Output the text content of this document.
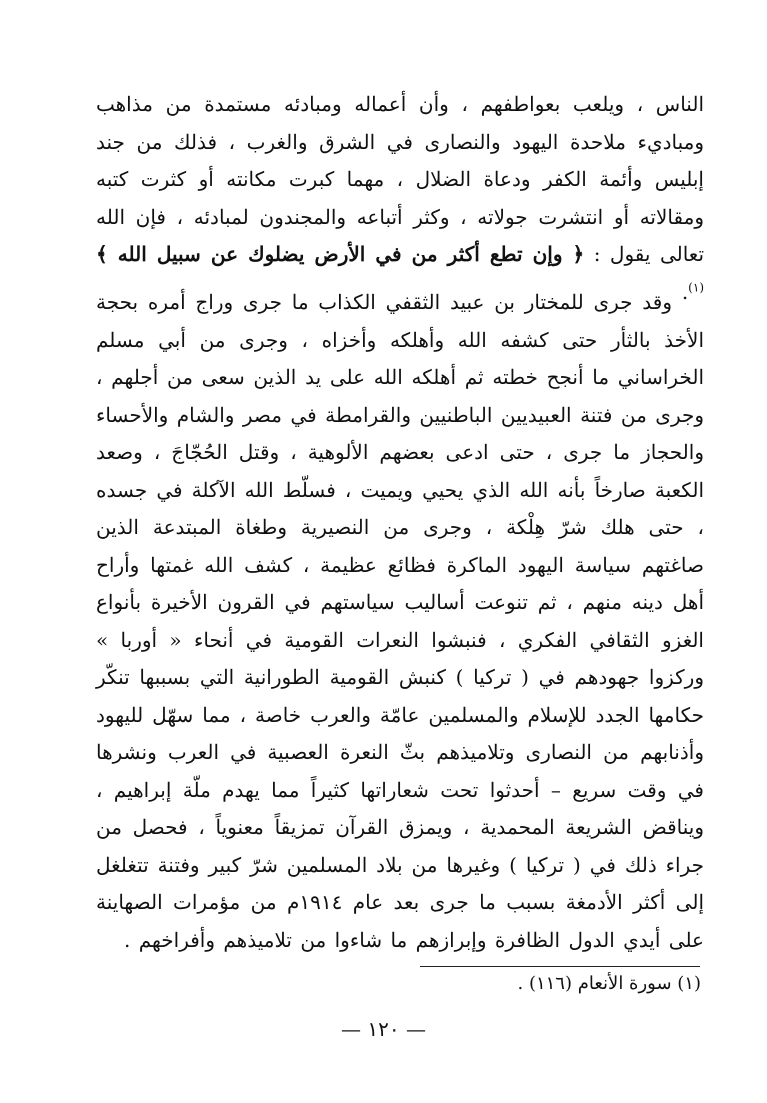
الناس ، ويلعب بعواطفهم ، وأن أعماله ومبادئه مستمدة من مذاهب ومباديء ملاحدة اليهود والنصارى في الشرق والغرب ، فذلك من جند إبليس وأئمة الكفر ودعاة الضلال ، مهما كبرت مكانته أو كثرت كتبه ومقالاته أو انتشرت جولاته ، وكثر أتباعه والمجندون لمبادئه ، فإن الله تعالى يقول : ﴿ وإن تطع أكثر من في الأرض يضلوك عن سبيل الله ﴾$^{(١)}$.

وقد جرى للمختار بن عبيد الثقفي الكذاب ما جرى وراج أمره بحجة الأخذ بالثأر حتى كشفه الله وأهلكه وأخزاه ، وجرى من أبي مسلم الخراساني ما أنجح خطته ثم أهلكه الله على يد الذين سعى من أجلهم ، وجرى من فتنة العبيديين الباطنيين والقرامطة في مصر والشام والأحساء والحجاز ما جرى ، حتى ادعى بعضهم الألوهية ، وقتل الحُجّاجَ ، وصعد الكعبة صارخاً بأنه الله الذي يحيي ويميت ، فسلّط الله الآكلة في جسده ، حتى هلك شرّ هِلْكة ، وجرى من النصيرية وطغاة المبتدعة الذين صاغتهم سياسة اليهود الماكرة فظائع عظيمة ، كشف الله غمتها وأراح أهل دينه منهم ، ثم تنوعت أساليب سياستهم في القرون الأخيرة بأنواع الغزو الثقافي الفكري ، فنبشوا النعرات القومية في أنحاء « أوربا » وركزوا جهودهم في ( تركيا ) كنبش القومية الطورانية التي بسببها تنكّر حكامها الجدد للإسلام والمسلمين عامّة والعرب خاصة ، مما سهّل لليهود وأذنابهم من النصارى وتلاميذهم بثّ النعرة العصبية في العرب ونشرها في وقت سريع – أحدثوا تحت شعاراتها كثيراً مما يهدم ملّة إبراهيم ، ويناقض الشريعة المحمدية ، ويمزق القرآن تمزيقاً معنوياً ، فحصل من جراء ذلك في ( تركيا ) وغيرها من بلاد المسلمين شرّ كبير وفتنة تتغلغل إلى أكثر الأدمغة بسبب ما جرى بعد عام ١٩١٤م من مؤمرات الصهاينة على أيدي الدول الظافرة وإبرازهم ما شاءوا من تلاميذهم وأفراخهم .

(١) سورة الأنعام (١١٦) .

— ١٢٠ —
